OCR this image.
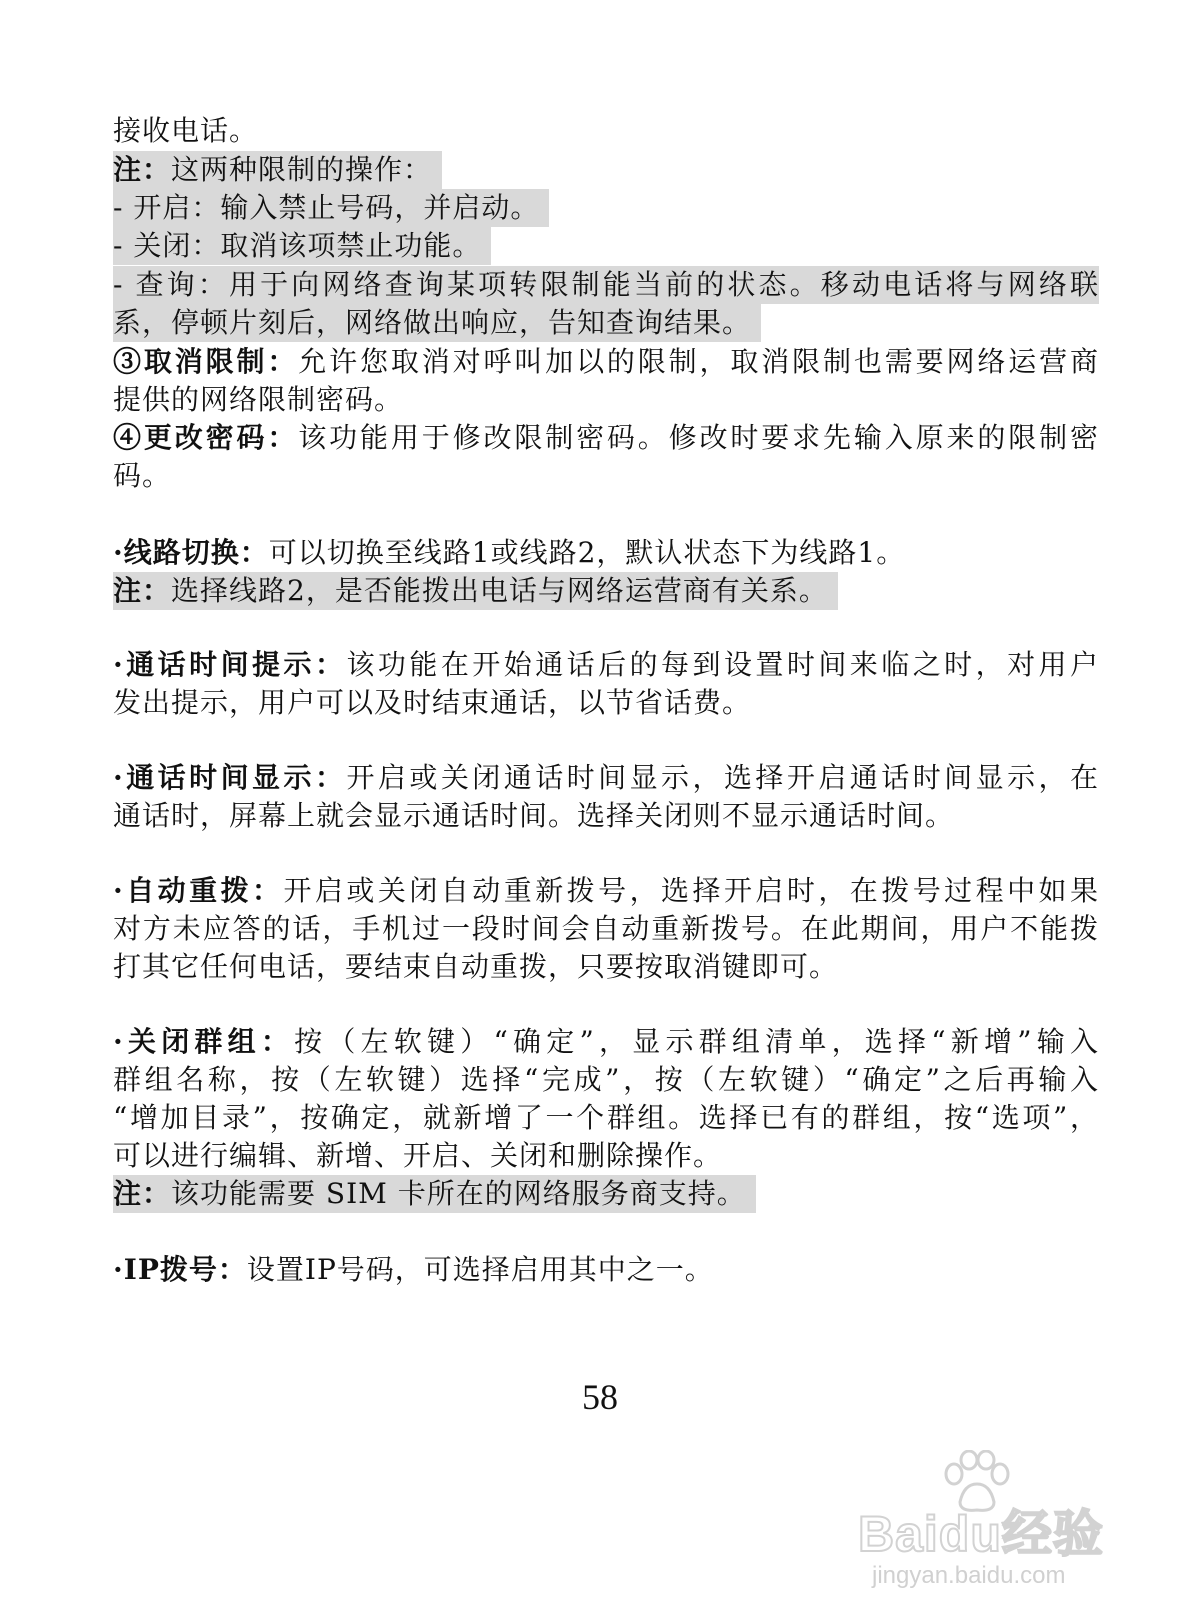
接收电话。
注：这两种限制的操作：
- 开启：输入禁止号码，并启动。
- 关闭：取消该项禁止功能。
- 查询：用于向网络查询某项转限制能当前的状态。移动电话将与网络联
系，停顿片刻后，网络做出响应，告知查询结果。
③取消限制：允许您取消对呼叫加以的限制，取消限制也需要网络运营商
提供的网络限制密码。
④更改密码：该功能用于修改限制密码。修改时要求先输入原来的限制密
码。
·线路切换：可以切换至线路1或线路2，默认状态下为线路1。
注：选择线路2，是否能拨出电话与网络运营商有关系。
·通话时间提示：该功能在开始通话后的每到设置时间来临之时，对用户
发出提示，用户可以及时结束通话，以节省话费。
·通话时间显示：开启或关闭通话时间显示，选择开启通话时间显示，在
通话时，屏幕上就会显示通话时间。选择关闭则不显示通话时间。
·自动重拨：开启或关闭自动重新拨号，选择开启时，在拨号过程中如果
对方未应答的话，手机过一段时间会自动重新拨号。在此期间，用户不能拨
打其它任何电话，要结束自动重拨，只要按取消键即可。
·关闭群组：按（左软键）“确定”，显示群组清单，选择“新增”输入
群组名称，按（左软键）选择“完成”，按（左软键）“确定”之后再输入
“增加目录”，按确定，就新增了一个群组。选择已有的群组，按“选项”，
可以进行编辑、新增、开启、关闭和删除操作。
注：该功能需要 SIM 卡所在的网络服务商支持。
·IP拨号：设置IP号码，可选择启用其中之一。
58
Baidu经验
jingyan.baidu.com
